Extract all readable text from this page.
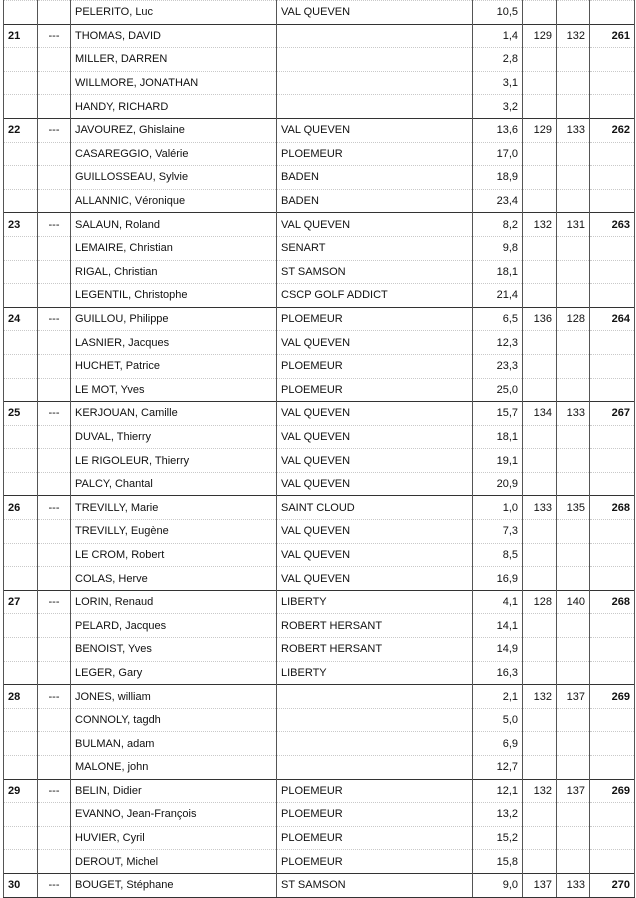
		PELERITO, Luc	VAL QUEVEN	10,5			
21	---	THOMAS, DAVID		1,4	129	132	261
		MILLER, DARREN		2,8			
		WILLMORE, JONATHAN		3,1			
		HANDY, RICHARD		3,2			
22	---	JAVOUREZ, Ghislaine	VAL QUEVEN	13,6	129	133	262
		CASAREGGIO, Valérie	PLOEMEUR	17,0			
		GUILLOSSEAU, Sylvie	BADEN	18,9			
		ALLANNIC, Véronique	BADEN	23,4			
23	---	SALAUN, Roland	VAL QUEVEN	8,2	132	131	263
		LEMAIRE, Christian	SENART	9,8			
		RIGAL, Christian	ST SAMSON	18,1			
		LEGENTIL, Christophe	CSCP GOLF ADDICT	21,4			
24	---	GUILLOU, Philippe	PLOEMEUR	6,5	136	128	264
		LASNIER, Jacques	VAL QUEVEN	12,3			
		HUCHET, Patrice	PLOEMEUR	23,3			
		LE MOT, Yves	PLOEMEUR	25,0			
25	---	KERJOUAN, Camille	VAL QUEVEN	15,7	134	133	267
		DUVAL, Thierry	VAL QUEVEN	18,1			
		LE RIGOLEUR, Thierry	VAL QUEVEN	19,1			
		PALCY, Chantal	VAL QUEVEN	20,9			
26	---	TREVILLY, Marie	SAINT CLOUD	1,0	133	135	268
		TREVILLY, Eugène	VAL QUEVEN	7,3			
		LE CROM, Robert	VAL QUEVEN	8,5			
		COLAS, Herve	VAL QUEVEN	16,9			
27	---	LORIN, Renaud	LIBERTY	4,1	128	140	268
		PELARD, Jacques	ROBERT HERSANT	14,1			
		BENOIST, Yves	ROBERT HERSANT	14,9			
		LEGER, Gary	LIBERTY	16,3			
28	---	JONES, william		2,1	132	137	269
		CONNOLY, tagdh		5,0			
		BULMAN, adam		6,9			
		MALONE, john		12,7			
29	---	BELIN, Didier	PLOEMEUR	12,1	132	137	269
		EVANNO, Jean-François	PLOEMEUR	13,2			
		HUVIER, Cyril	PLOEMEUR	15,2			
		DEROUT, Michel	PLOEMEUR	15,8			
30	---	BOUGET, Stéphane	ST SAMSON	9,0	137	133	270
